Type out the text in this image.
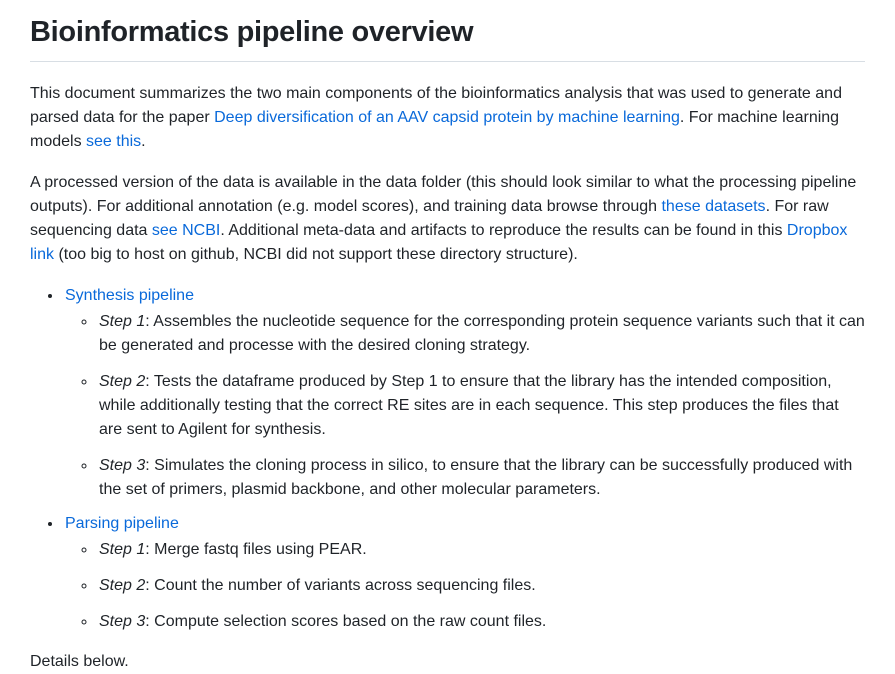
Bioinformatics pipeline overview

This document summarizes the two main components of the bioinformatics analysis that was used to generate and parsed data for the paper Deep diversification of an AAV capsid protein by machine learning. For machine learning models see this.

A processed version of the data is available in the data folder (this should look similar to what the processing pipeline outputs). For additional annotation (e.g. model scores), and training data browse through these datasets. For raw sequencing data see NCBI. Additional meta-data and artifacts to reproduce the results can be found in this Dropbox link (too big to host on github, NCBI did not support these directory structure).

• Synthesis pipeline
◦ Step 1: Assembles the nucleotide sequence for the corresponding protein sequence variants such that it can be generated and processe with the desired cloning strategy.
◦ Step 2: Tests the dataframe produced by Step 1 to ensure that the library has the intended composition, while additionally testing that the correct RE sites are in each sequence. This step produces the files that are sent to Agilent for synthesis.
◦ Step 3: Simulates the cloning process in silico, to ensure that the library can be successfully produced with the set of primers, plasmid backbone, and other molecular parameters.
• Parsing pipeline
◦ Step 1: Merge fastq files using PEAR.
◦ Step 2: Count the number of variants across sequencing files.
◦ Step 3: Compute selection scores based on the raw count files.

Details below.
